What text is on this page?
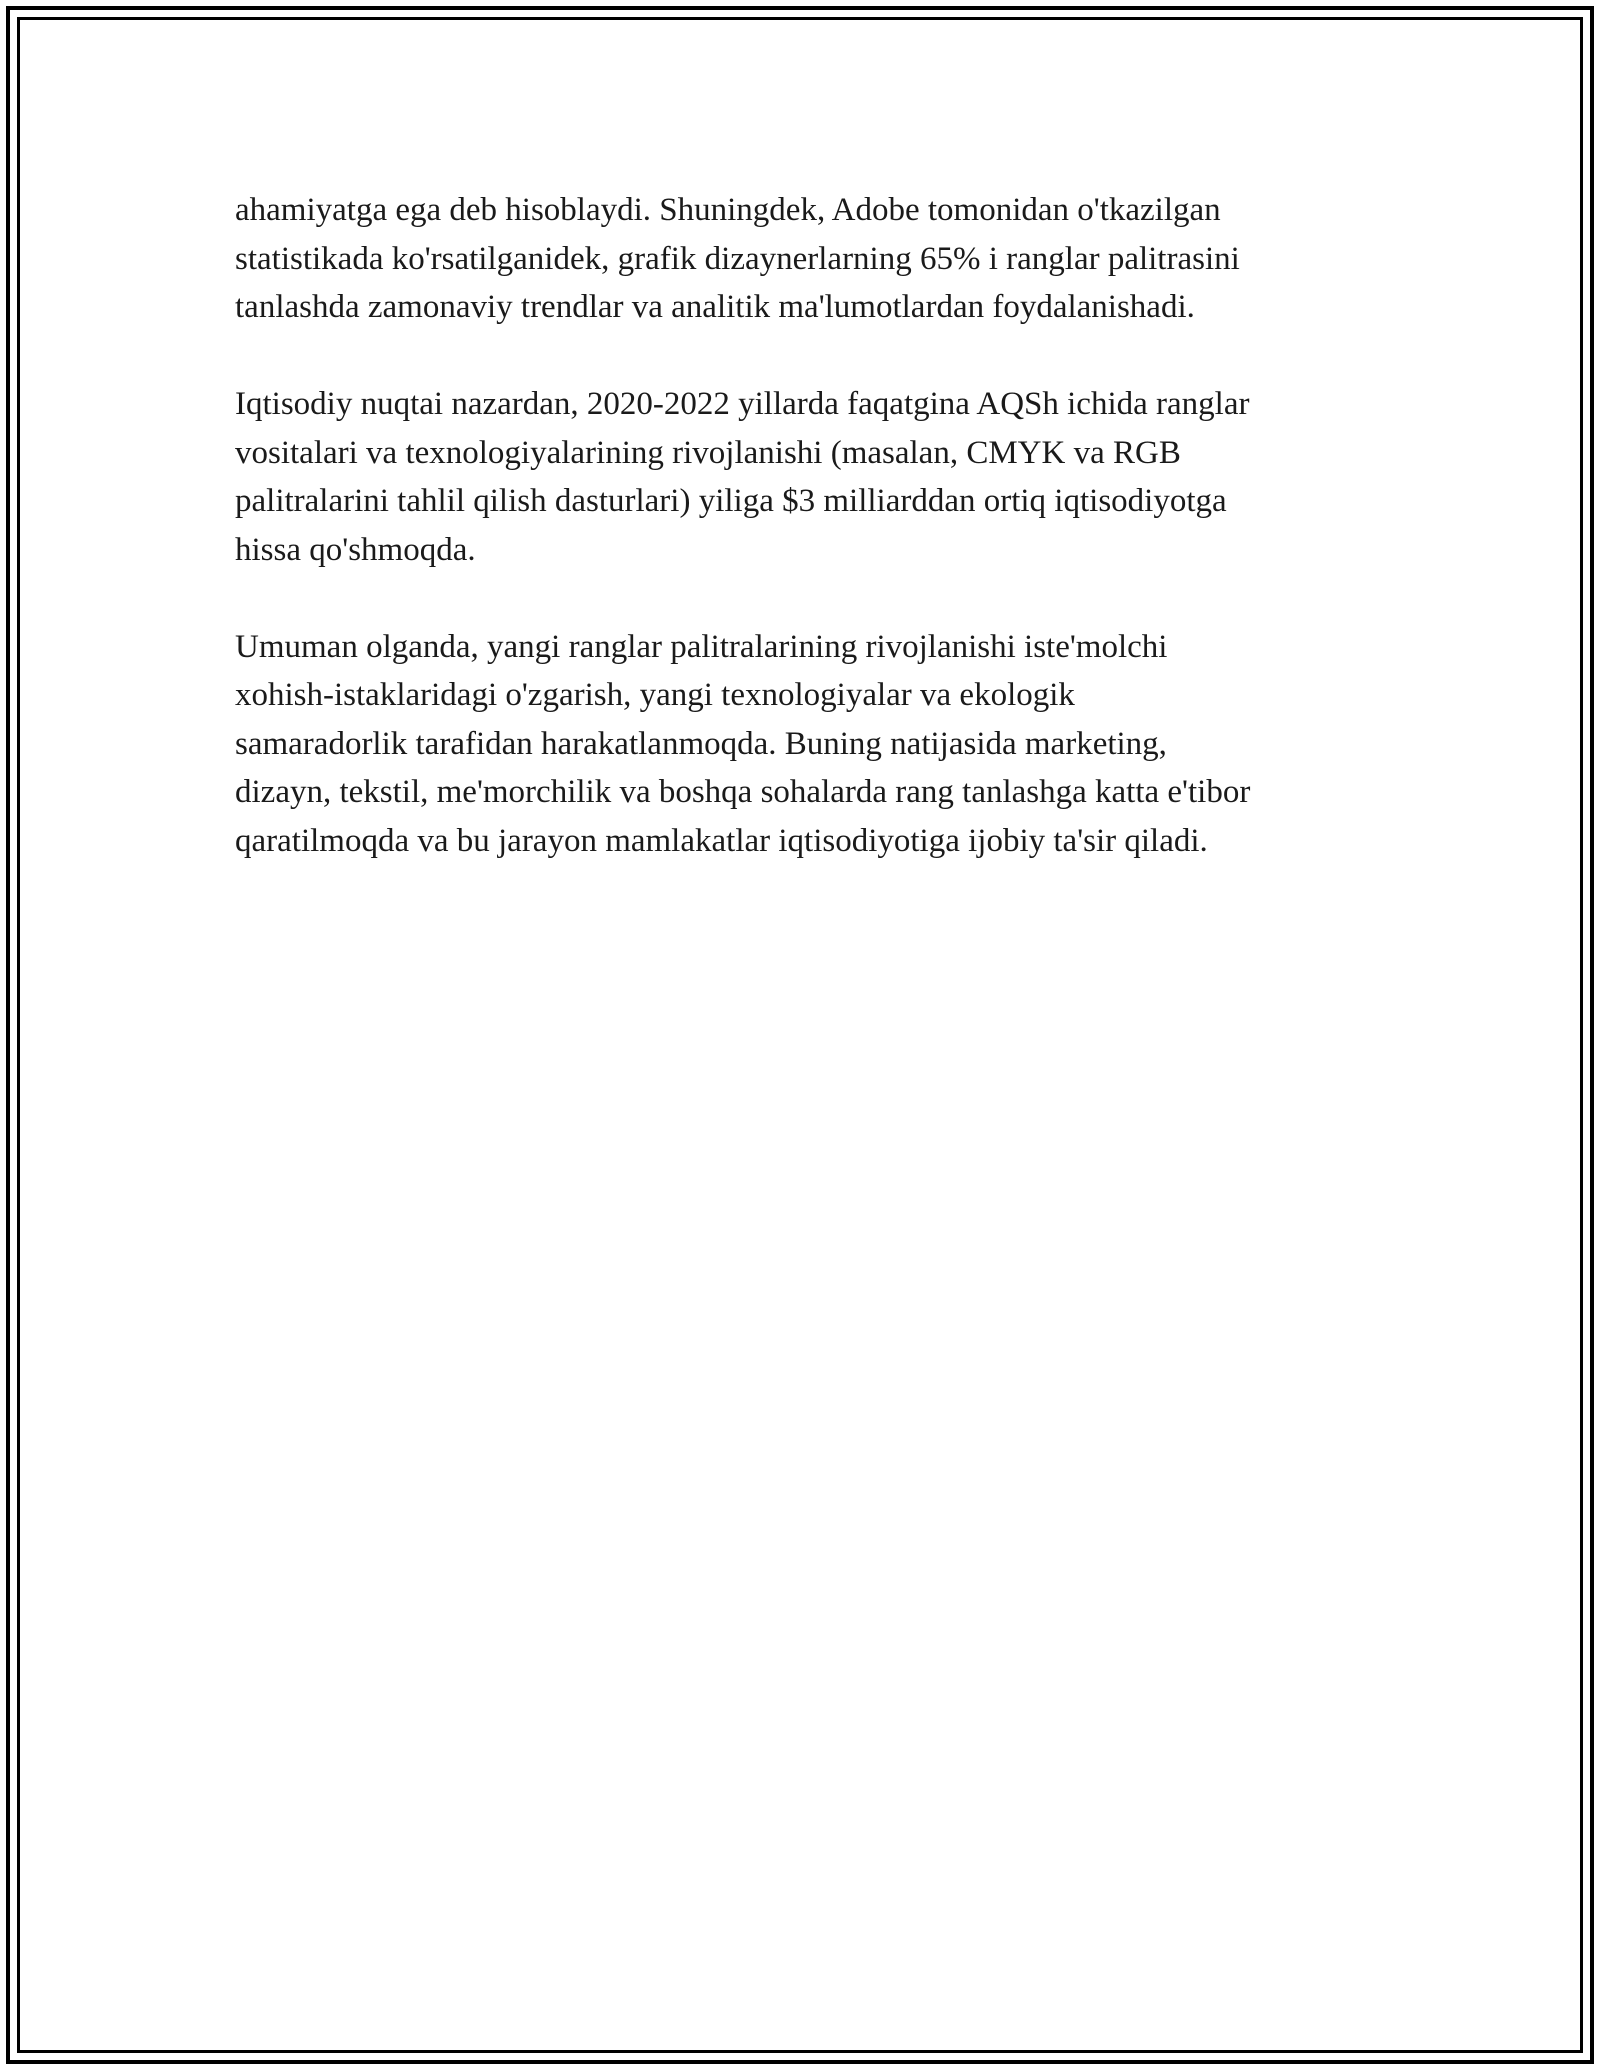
ahamiyatga ega deb hisoblaydi. Shuningdek, Adobe tomonidan o'tkazilgan
statistikada ko'rsatilganidek, grafik dizaynerlarning 65% i ranglar palitrasini
tanlashda zamonaviy trendlar va analitik ma'lumotlardan foydalanishadi.

Iqtisodiy nuqtai nazardan, 2020-2022 yillarda faqatgina AQSh ichida ranglar
vositalari va texnologiyalarining rivojlanishi (masalan, CMYK va RGB
palitralarini tahlil qilish dasturlari) yiliga $3 milliarddan ortiq iqtisodiyotga
hissa qo'shmoqda.

Umuman olganda, yangi ranglar palitralarining rivojlanishi iste'molchi
xohish-istaklaridagi o'zgarish, yangi texnologiyalar va ekologik
samaradorlik tarafidan harakatlanmoqda. Buning natijasida marketing,
dizayn, tekstil, me'morchilik va boshqa sohalarda rang tanlashga katta e'tibor
qaratilmoqda va bu jarayon mamlakatlar iqtisodiyotiga ijobiy ta'sir qiladi.
